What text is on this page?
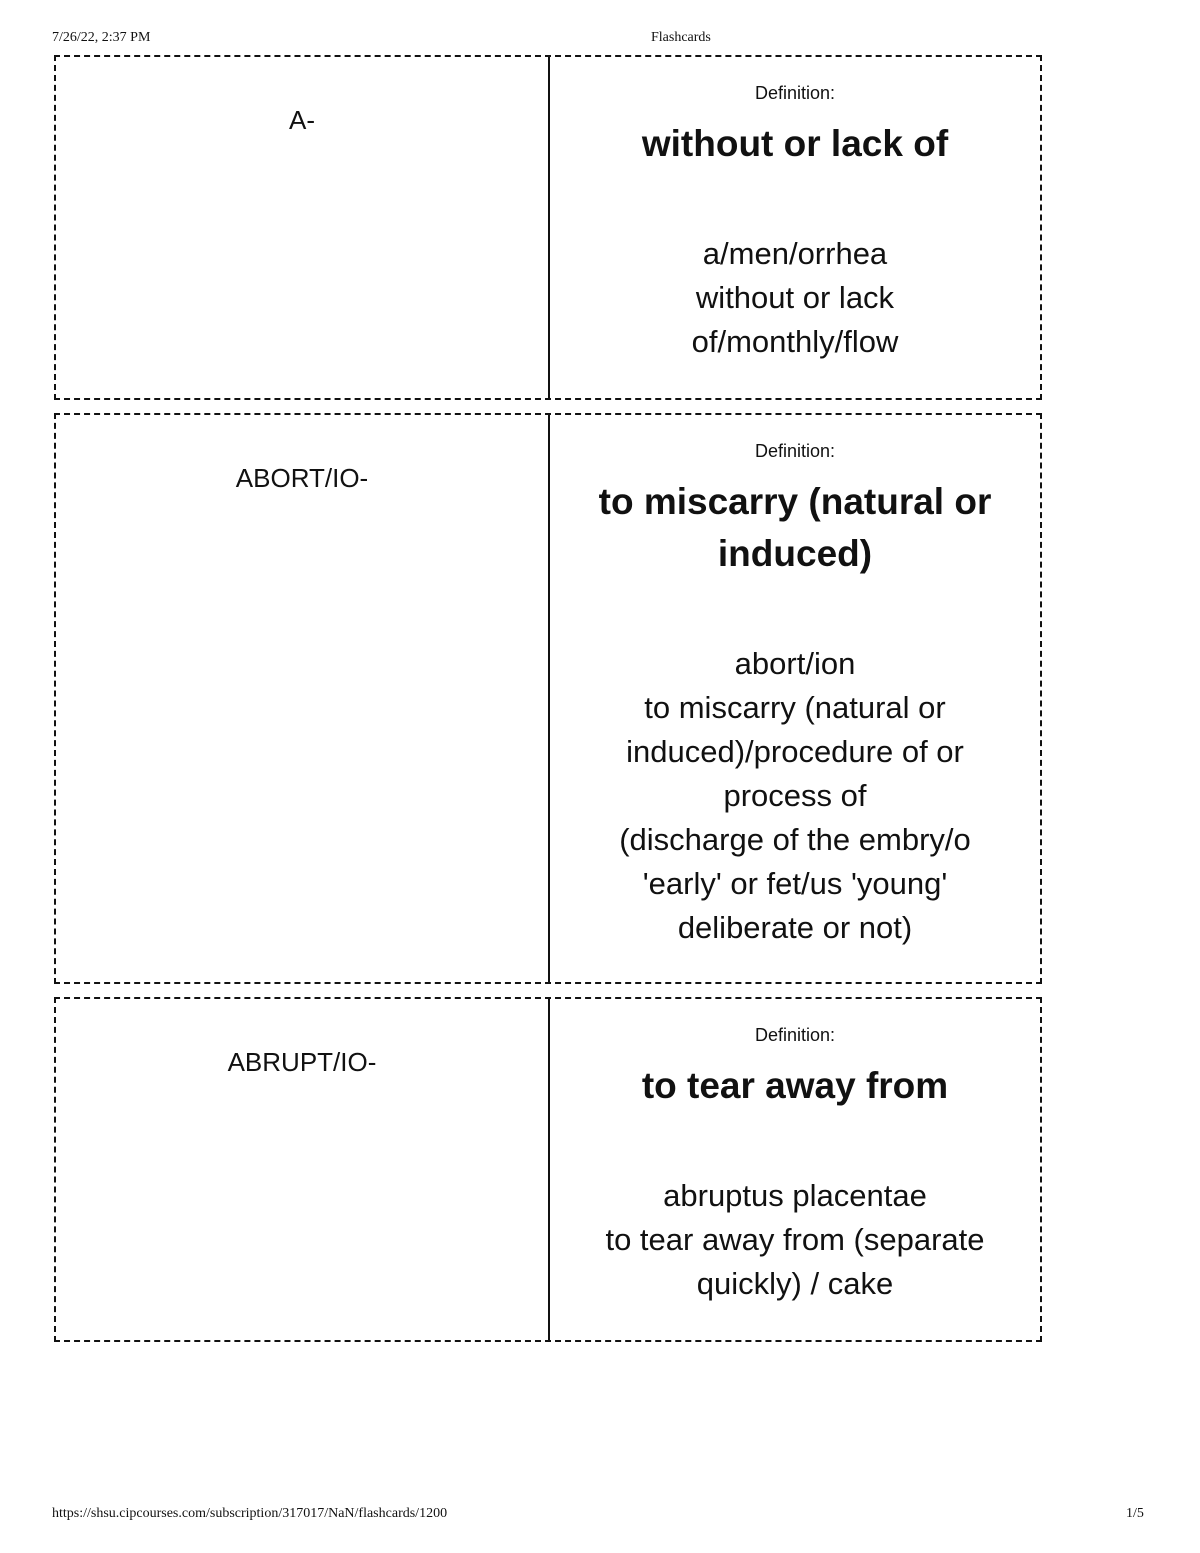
7/26/22, 2:37 PM	Flashcards
A-
Definition:
without or lack of
a/men/orrhea
without or lack
of/monthly/flow
ABORT/IO-
Definition:
to miscarry (natural or
induced)
abort/ion
to miscarry (natural or
induced)/procedure of or
process of
(discharge of the embry/o
'early' or fet/us 'young'
deliberate or not)
ABRUPT/IO-
Definition:
to tear away from
abruptus placentae
to tear away from (separate
quickly) / cake
https://shsu.cipcourses.com/subscription/317017/NaN/flashcards/1200	1/5
